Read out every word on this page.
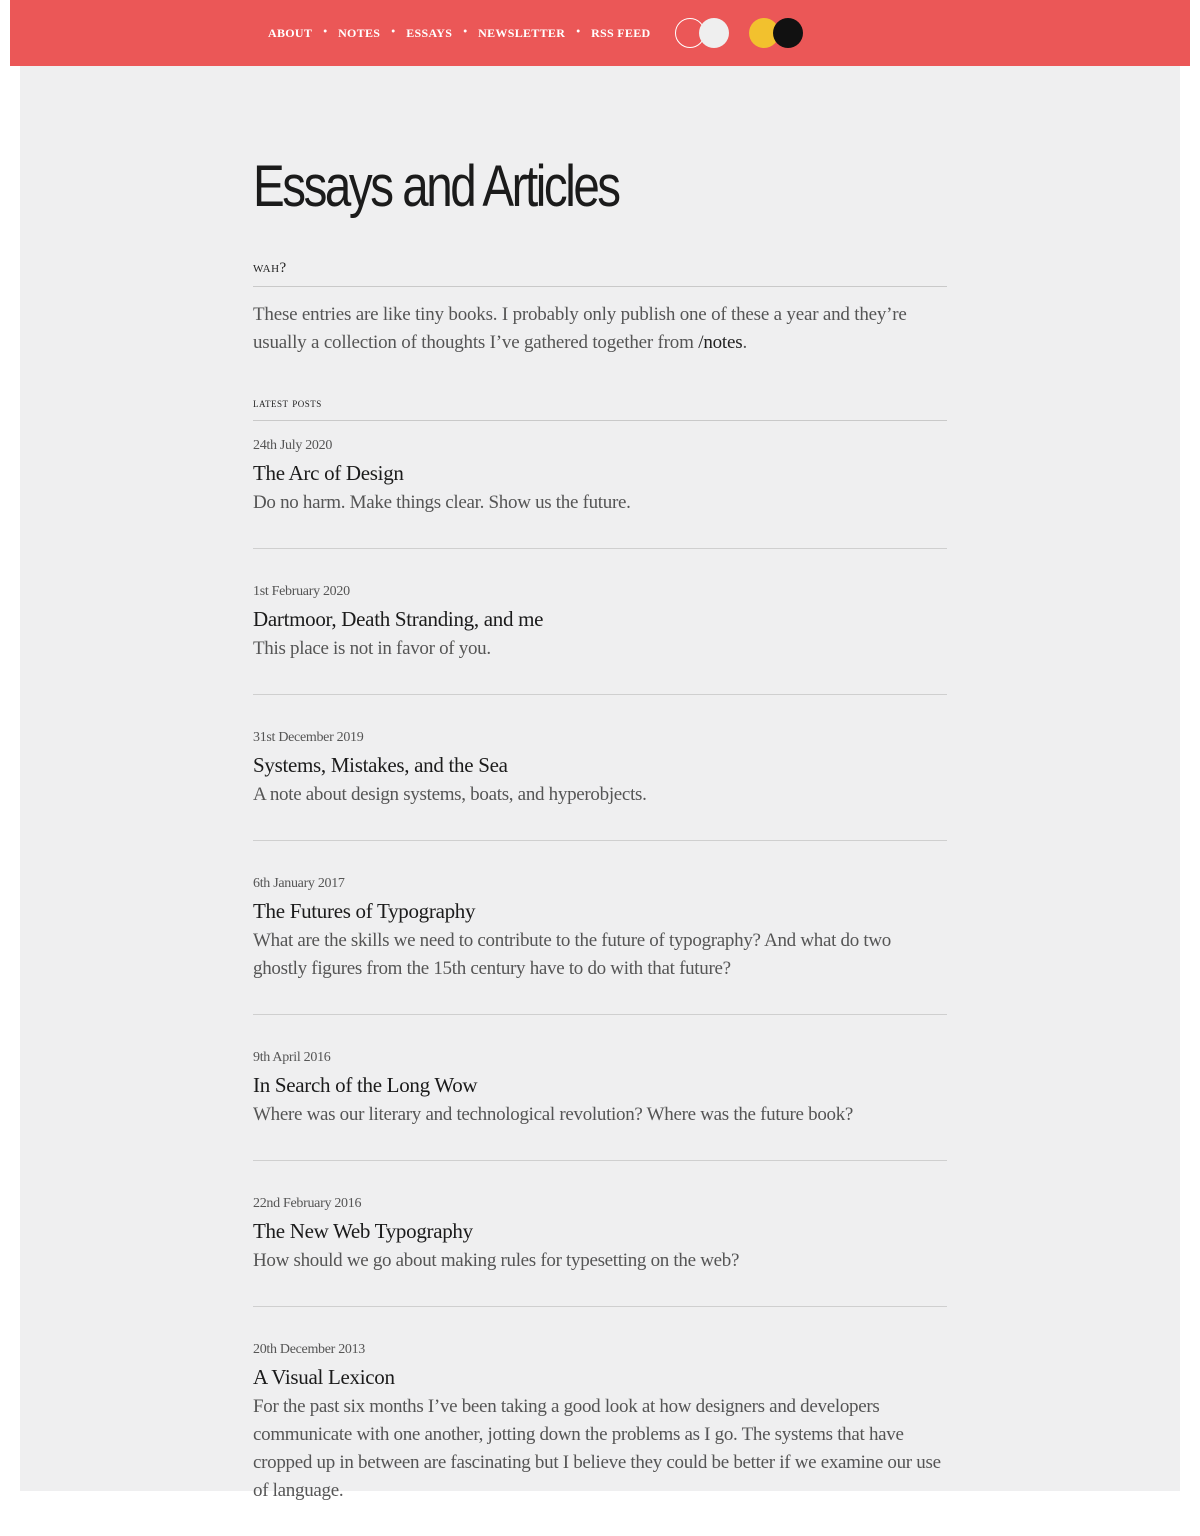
ABOUT • NOTES • ESSAYS • NEWSLETTER • RSS FEED
Essays and Articles
wah?

These entries are like tiny books. I probably only publish one of these a year and they’re usually a collection of thoughts I’ve gathered together from /notes.

latest posts
24th July 2020
The Arc of Design
Do no harm. Make things clear. Show us the future.
1st February 2020
Dartmoor, Death Stranding, and me
This place is not in favor of you.
31st December 2019
Systems, Mistakes, and the Sea
A note about design systems, boats, and hyperobjects.
6th January 2017
The Futures of Typography
What are the skills we need to contribute to the future of typography? And what do two ghostly figures from the 15th century have to do with that future?
9th April 2016
In Search of the Long Wow
Where was our literary and technological revolution? Where was the future book?
22nd February 2016
The New Web Typography
How should we go about making rules for typesetting on the web?
20th December 2013
A Visual Lexicon
For the past six months I’ve been taking a good look at how designers and developers communicate with one another, jotting down the problems as I go. The systems that have cropped up in between are fascinating but I believe they could be better if we examine our use of language.
